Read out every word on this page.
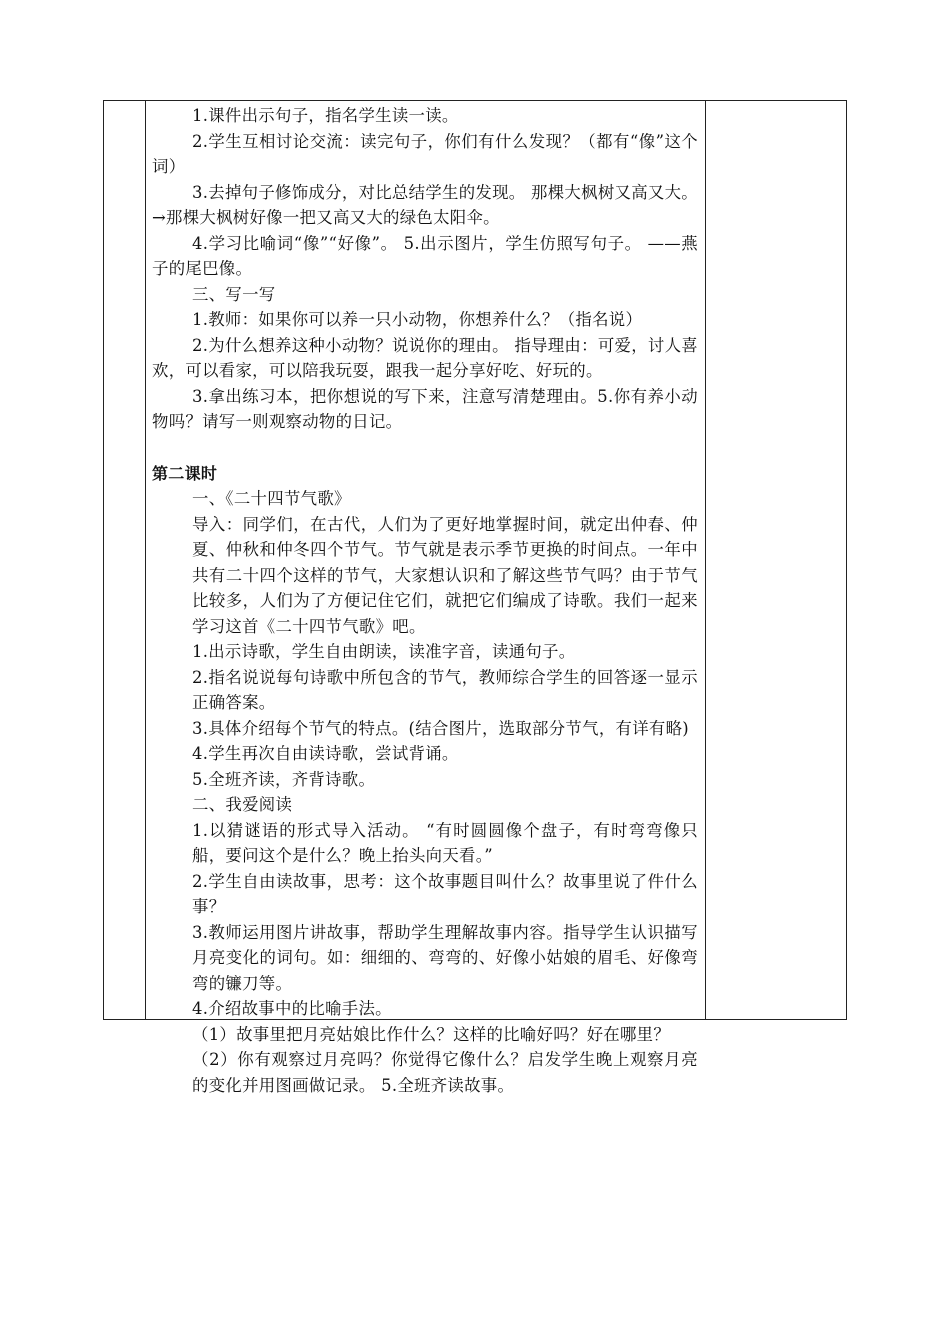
1.课件出示句子，指名学生读一读。

2.学生互相讨论交流：读完句子，你们有什么发现？（都有“像”这个词）

3.去掉句子修饰成分，对比总结学生的发现。 那棵大枫树又高又大。→那棵大枫树好像一把又高又大的绿色太阳伞。

4.学习比喻词“像”“好像”。 5.出示图片，学生仿照写句子。 ——燕子的尾巴像。

三、写一写

1.教师：如果你可以养一只小动物，你想养什么？（指名说）

2.为什么想养这种小动物？说说你的理由。 指导理由：可爱，讨人喜欢，可以看家，可以陪我玩耍，跟我一起分享好吃、好玩的。

3.拿出练习本，把你想说的写下来，注意写清楚理由。5.你有养小动物吗？请写一则观察动物的日记。

第二课时

一、《二十四节气歌》

导入：同学们，在古代，人们为了更好地掌握时间，就定出仲春、仲夏、仲秋和仲冬四个节气。节气就是表示季节更换的时间点。一年中共有二十四个这样的节气，大家想认识和了解这些节气吗？由于节气比较多，人们为了方便记住它们，就把它们编成了诗歌。我们一起来学习这首《二十四节气歌》吧。

1.出示诗歌，学生自由朗读，读准字音，读通句子。

2.指名说说每句诗歌中所包含的节气，教师综合学生的回答逐一显示正确答案。

3.具体介绍每个节气的特点。(结合图片，选取部分节气，有详有略)

4.学生再次自由读诗歌，尝试背诵。

5.全班齐读，齐背诗歌。

二、我爱阅读

1.以猜谜语的形式导入活动。 “有时圆圆像个盘子，有时弯弯像只船，要问这个是什么？晚上抬头向天看。”

2.学生自由读故事，思考：这个故事题目叫什么？故事里说了件什么事？

3.教师运用图片讲故事，帮助学生理解故事内容。指导学生认识描写月亮变化的词句。如：细细的、弯弯的、好像小姑娘的眉毛、好像弯弯的镰刀等。

4.介绍故事中的比喻手法。

（1）故事里把月亮姑娘比作什么？这样的比喻好吗？好在哪里？

（2）你有观察过月亮吗？你觉得它像什么？启发学生晚上观察月亮的变化并用图画做记录。 5.全班齐读故事。
